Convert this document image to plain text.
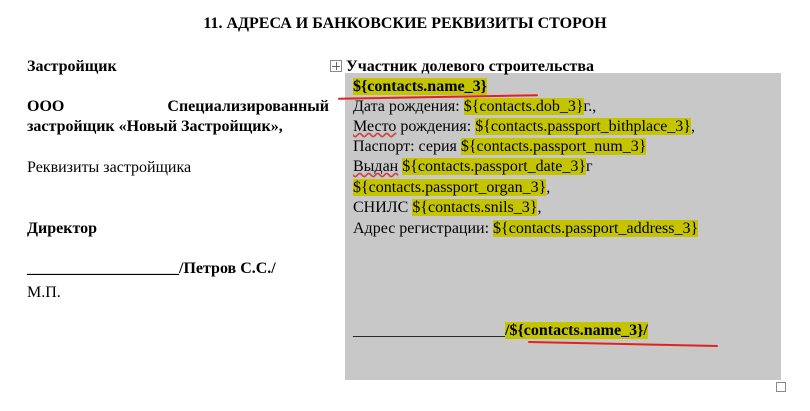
11. АДРЕСА И БАНКОВСКИЕ РЕКВИЗИТЫ СТОРОН
Застройщик
ООО	Специализированный
застройщик «Новый Застройщик»,
Реквизиты застройщика
Директор
___________________/Петров С.С./
М.П.
Участник долевого строительства
${contacts.name_3}
Дата рождения: ${contacts.dob_3}г.,
Место рождения: ${contacts.passport_bithplace_3},
Паспорт: серия ${contacts.passport_num_3}
Выдан ${contacts.passport_date_3}г
${contacts.passport_organ_3},
СНИЛС ${contacts.snils_3},
Адрес регистрации: ${contacts.passport_address_3}
___________________/${contacts.name_3}/
